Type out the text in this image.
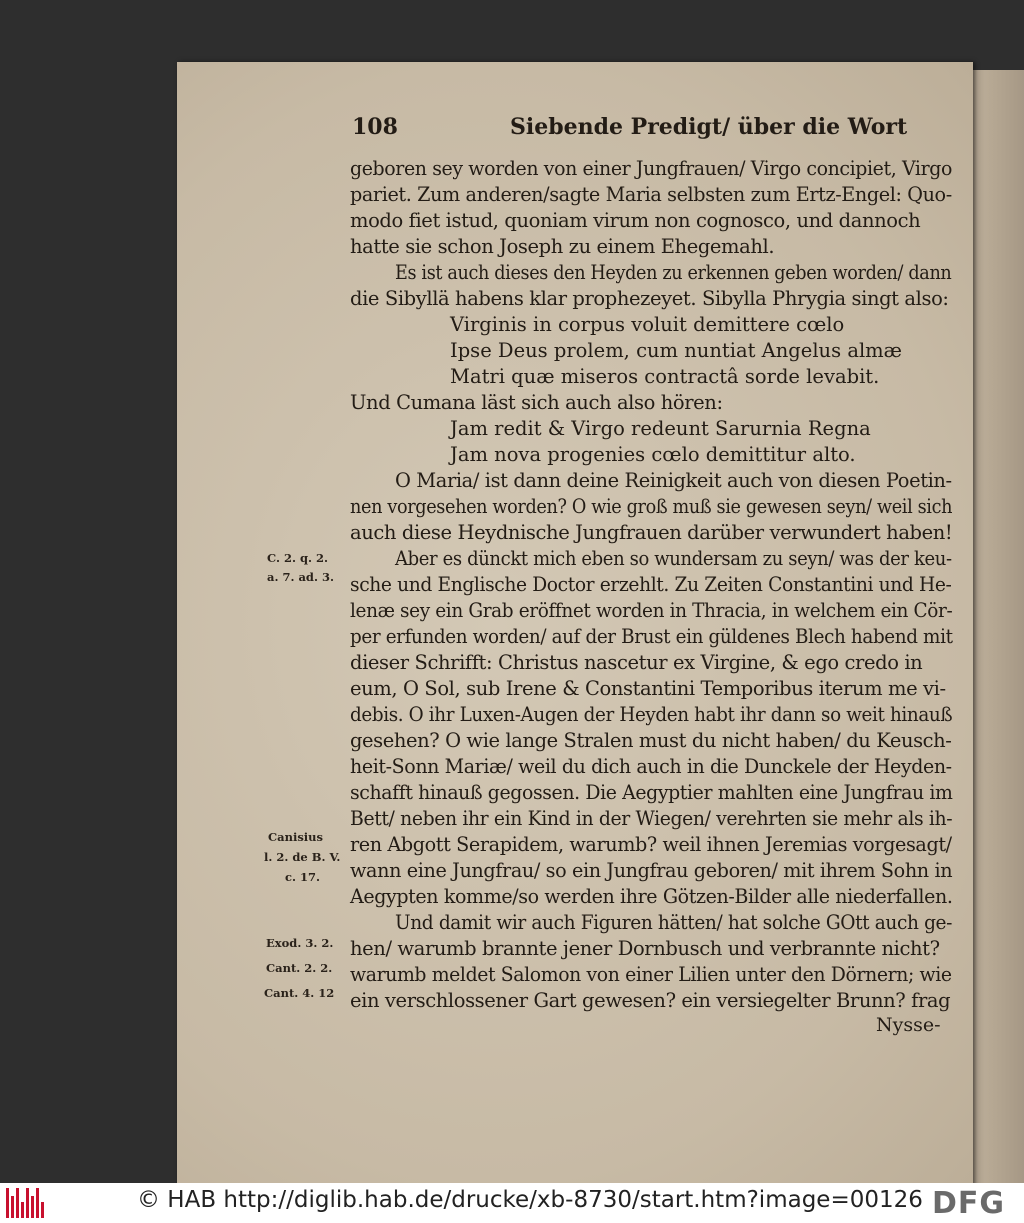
108	Siebende Predigt/ über die Wort
geboren sey worden von einer Jungfrauen/ Virgo concipiet, Virgo
pariet. Zum anderen/sagte Maria selbsten zum Ertz-Engel: Quo-
modo fiet istud, quoniam virum non cognosco, und dannoch
hatte sie schon Joseph zu einem Ehegemahl.
Es ist auch dieses den Heyden zu erkennen geben worden/ dann
die Sibyllä habens klar prophezeyet. Sibylla Phrygia singt also:
Virginis in corpus voluit demittere cœlo
Ipse Deus prolem, cum nuntiat Angelus almæ
Matri quæ miseros contractâ sorde levabit.
Und Cumana läst sich auch also hören:
Jam redit & Virgo redeunt Sarurnia Regna
Jam nova progenies cœlo demittitur alto.
O Maria/ ist dann deine Reinigkeit auch von diesen Poetin-
nen vorgesehen worden? O wie groß muß sie gewesen seyn/ weil sich
auch diese Heydnische Jungfrauen darüber verwundert haben!
Aber es dünckt mich eben so wundersam zu seyn/ was der keu-
sche und Englische Doctor erzehlt. Zu Zeiten Constantini und He-
lenæ sey ein Grab eröffnet worden in Thracia, in welchem ein Cör-
per erfunden worden/ auf der Brust ein güldenes Blech habend mit
dieser Schrifft: Christus nascetur ex Virgine, & ego credo in
eum, O Sol, sub Irene & Constantini Temporibus iterum me vi-
debis. O ihr Luxen-Augen der Heyden habt ihr dann so weit hinauß
gesehen? O wie lange Stralen must du nicht haben/ du Keusch-
heit-Sonn Mariæ/ weil du dich auch in die Dunckele der Heyden-
schafft hinauß gegossen. Die Aegyptier mahlten eine Jungfrau im
Bett/ neben ihr ein Kind in der Wiegen/ verehrten sie mehr als ih-
ren Abgott Serapidem, warumb? weil ihnen Jeremias vorgesagt/
wann eine Jungfrau/ so ein Jungfrau geboren/ mit ihrem Sohn in
Aegypten komme/so werden ihre Götzen-Bilder alle niederfallen.
Und damit wir auch Figuren hätten/ hat solche GOtt auch ge-
hen/ warumb brannte jener Dornbusch und verbrannte nicht?
warumb meldet Salomon von einer Lilien unter den Dörnern; wie
ein verschlossener Gart gewesen? ein versiegelter Brunn? frag
Nysse-
C. 2. q. 2.
a. 7. ad. 3.
Canisius
l. 2. de B. V.
c. 17.
Exod. 3. 2.
Cant. 2. 2.
Cant. 4. 12
© HAB http://diglib.hab.de/drucke/xb-8730/start.htm?image=00126 DFG
